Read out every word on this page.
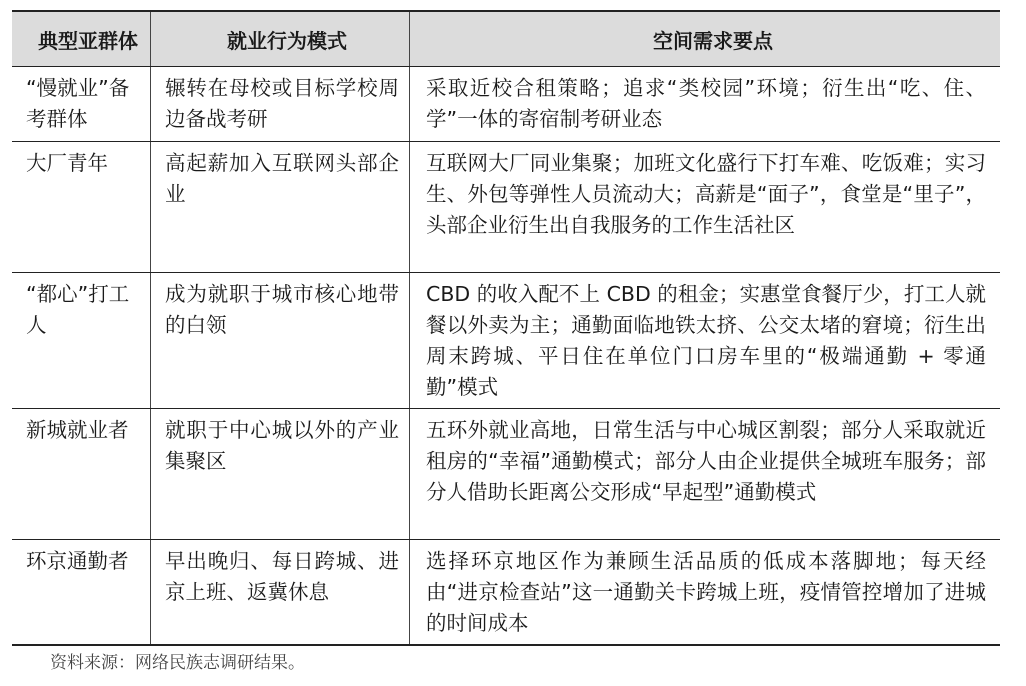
典型亚群体	就业行为模式	空间需求要点
“慢就业”备考群体	辗转在母校或目标学校周边备战考研	采取近校合租策略；追求“类校园”环境；衍生出“吃、住、学”一体的寄宿制考研业态
大厂青年	高起薪加入互联网头部企业	互联网大厂同业集聚；加班文化盛行下打车难、吃饭难；实习生、外包等弹性人员流动大；高薪是“面子”，食堂是“里子”，头部企业衍生出自我服务的工作生活社区
“都心”打工人	成为就职于城市核心地带的白领	CBD 的收入配不上 CBD 的租金；实惠堂食餐厅少，打工人就餐以外卖为主；通勤面临地铁太挤、公交太堵的窘境；衍生出周末跨城、平日住在单位门口房车里的“极端通勤 + 零通勤”模式
新城就业者	就职于中心城以外的产业集聚区	五环外就业高地，日常生活与中心城区割裂；部分人采取就近租房的“幸福”通勤模式；部分人由企业提供全城班车服务；部分人借助长距离公交形成“早起型”通勤模式
环京通勤者	早出晚归、每日跨城、进京上班、返冀休息	选择环京地区作为兼顾生活品质的低成本落脚地；每天经由“进京检查站”这一通勤关卡跨城上班，疫情管控增加了进城的时间成本
资料来源：网络民族志调研结果。
